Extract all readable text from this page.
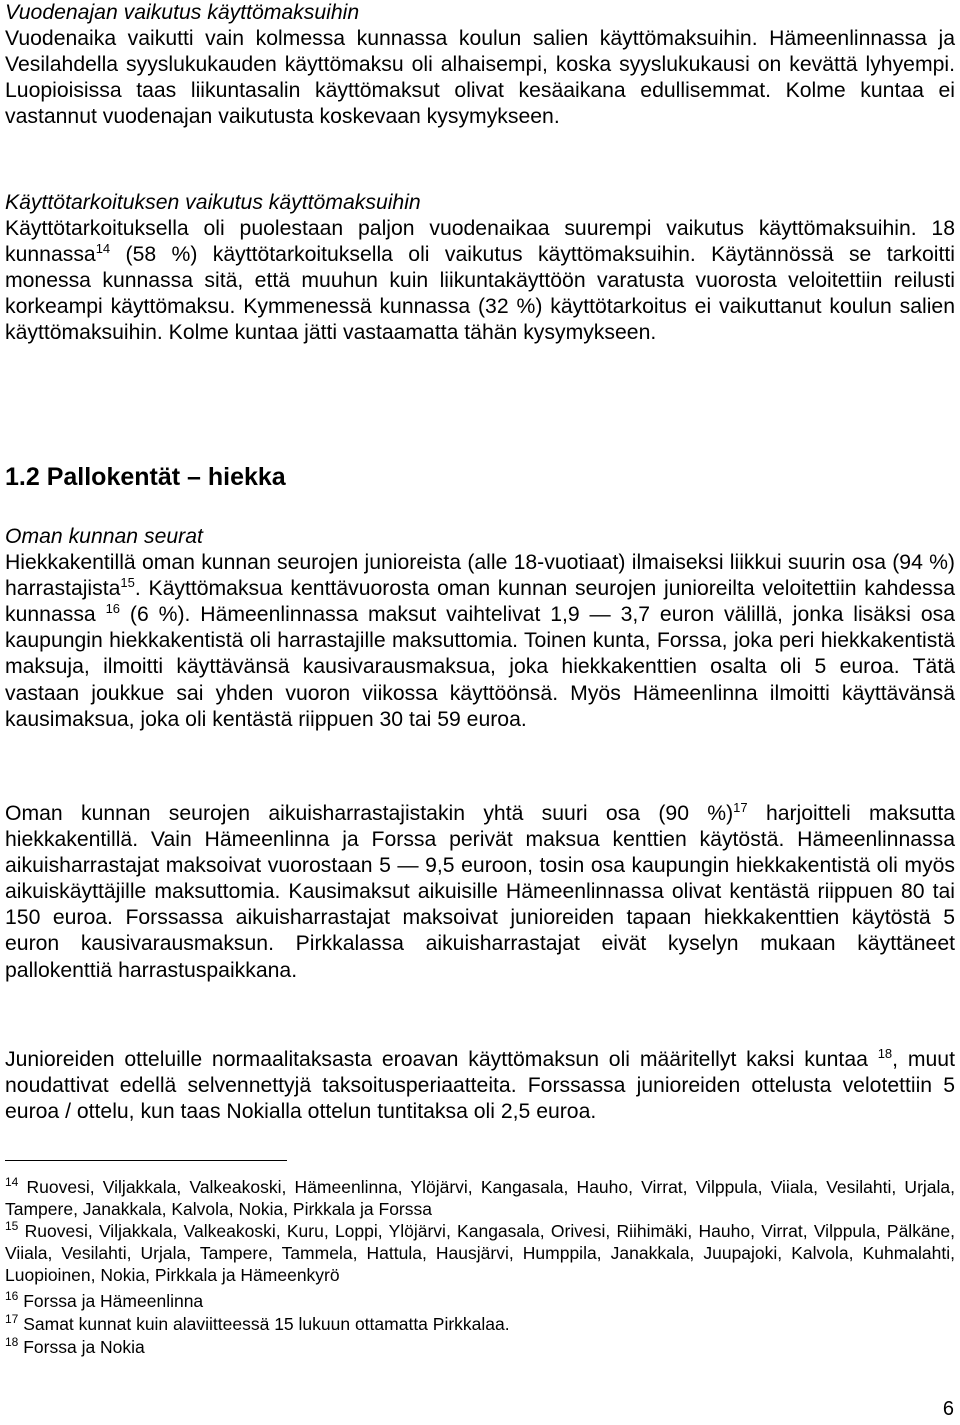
Vuodenajan vaikutus käyttömaksuihin

Vuodenaika vaikutti vain kolmessa kunnassa koulun salien käyttömaksuihin. Hämeenlinnassa ja Vesilahdella syyslukukauden käyttömaksu oli alhaisempi, koska syyslukukausi on kevättä lyhyempi. Luopioisissa taas liikuntasalin käyttömaksut olivat kesäaikana edullisemmat. Kolme kuntaa ei vastannut vuodenajan vaikutusta koskevaan kysymykseen.

Käyttötarkoituksen vaikutus käyttömaksuihin

Käyttötarkoituksella oli puolestaan paljon vuodenaikaa suurempi vaikutus käyttömaksuihin. 18 kunnassa$^{14}$ (58 %) käyttötarkoituksella oli vaikutus käyttömaksuihin. Käytännössä se tarkoitti monessa kunnassa sitä, että muuhun kuin liikuntakäyttöön varatusta vuorosta veloitettiin reilusti korkeampi käyttömaksu. Kymmenessä kunnassa (32 %) käyttötarkoitus ei vaikuttanut koulun salien käyttömaksuihin. Kolme kuntaa jätti vastaamatta tähän kysymykseen.

1.2 Pallokentät – hiekka

Oman kunnan seurat

Hiekkakentillä oman kunnan seurojen junioreista (alle 18-vuotiaat) ilmaiseksi liikkui suurin osa (94 %) harrastajista$^{15}$. Käyttömaksua kenttävuorosta oman kunnan seurojen junioreilta veloitettiin kahdessa kunnassa $^{16}$ (6 %). Hämeenlinnassa maksut vaihtelivat 1,9 — 3,7 euron välillä, jonka lisäksi osa kaupungin hiekkakentistä oli harrastajille maksuttomia. Toinen kunta, Forssa, joka peri hiekkakentistä maksuja, ilmoitti käyttävänsä kausivarausmaksua, joka hiekkakenttien osalta oli 5 euroa. Tätä vastaan joukkue sai yhden vuoron viikossa käyttöönsä. Myös Hämeenlinna ilmoitti käyttävänsä kausimaksua, joka oli kentästä riippuen 30 tai 59 euroa.

Oman kunnan seurojen aikuisharrastajistakin yhtä suuri osa (90 %)$^{17}$ harjoitteli maksutta hiekkakentillä. Vain Hämeenlinna ja Forssa perivät maksua kenttien käytöstä. Hämeenlinnassa aikuisharrastajat maksoivat vuorostaan 5 — 9,5 euroon, tosin osa kaupungin hiekkakentistä oli myös aikuiskäyttäjille maksuttomia. Kausimaksut aikuisille Hämeenlinnassa olivat kentästä riippuen 80 tai 150 euroa. Forssassa aikuisharrastajat maksoivat junioreiden tapaan hiekkakenttien käytöstä 5 euron kausivarausmaksun. Pirkkalassa aikuisharrastajat eivät kyselyn mukaan käyttäneet pallokenttiä harrastuspaikkana.

Junioreiden otteluille normaalitaksasta eroavan käyttömaksun oli määritellyt kaksi kuntaa $^{18}$, muut noudattivat edellä selvennettyjä taksoitusperiaatteita. Forssassa junioreiden ottelusta velotettiin 5 euroa / ottelu, kun taas Nokialla ottelun tuntitaksa oli 2,5 euroa.

$^{14}$ Ruovesi, Viljakkala, Valkeakoski, Hämeenlinna, Ylöjärvi, Kangasala, Hauho, Virrat, Vilppula, Viiala, Vesilahti, Urjala, Tampere, Janakkala, Kalvola, Nokia, Pirkkala ja Forssa

$^{15}$ Ruovesi, Viljakkala, Valkeakoski, Kuru, Loppi, Ylöjärvi, Kangasala, Orivesi, Riihimäki, Hauho, Virrat, Vilppula, Pälkäne, Viiala, Vesilahti, Urjala, Tampere, Tammela, Hattula, Hausjärvi, Humppila, Janakkala, Juupajoki, Kalvola, Kuhmalahti, Luopioinen, Nokia, Pirkkala ja Hämeenkyrö

$^{16}$ Forssa ja Hämeenlinna

$^{17}$ Samat kunnat kuin alaviitteessä 15 lukuun ottamatta Pirkkalaa.

$^{18}$ Forssa ja Nokia

6
